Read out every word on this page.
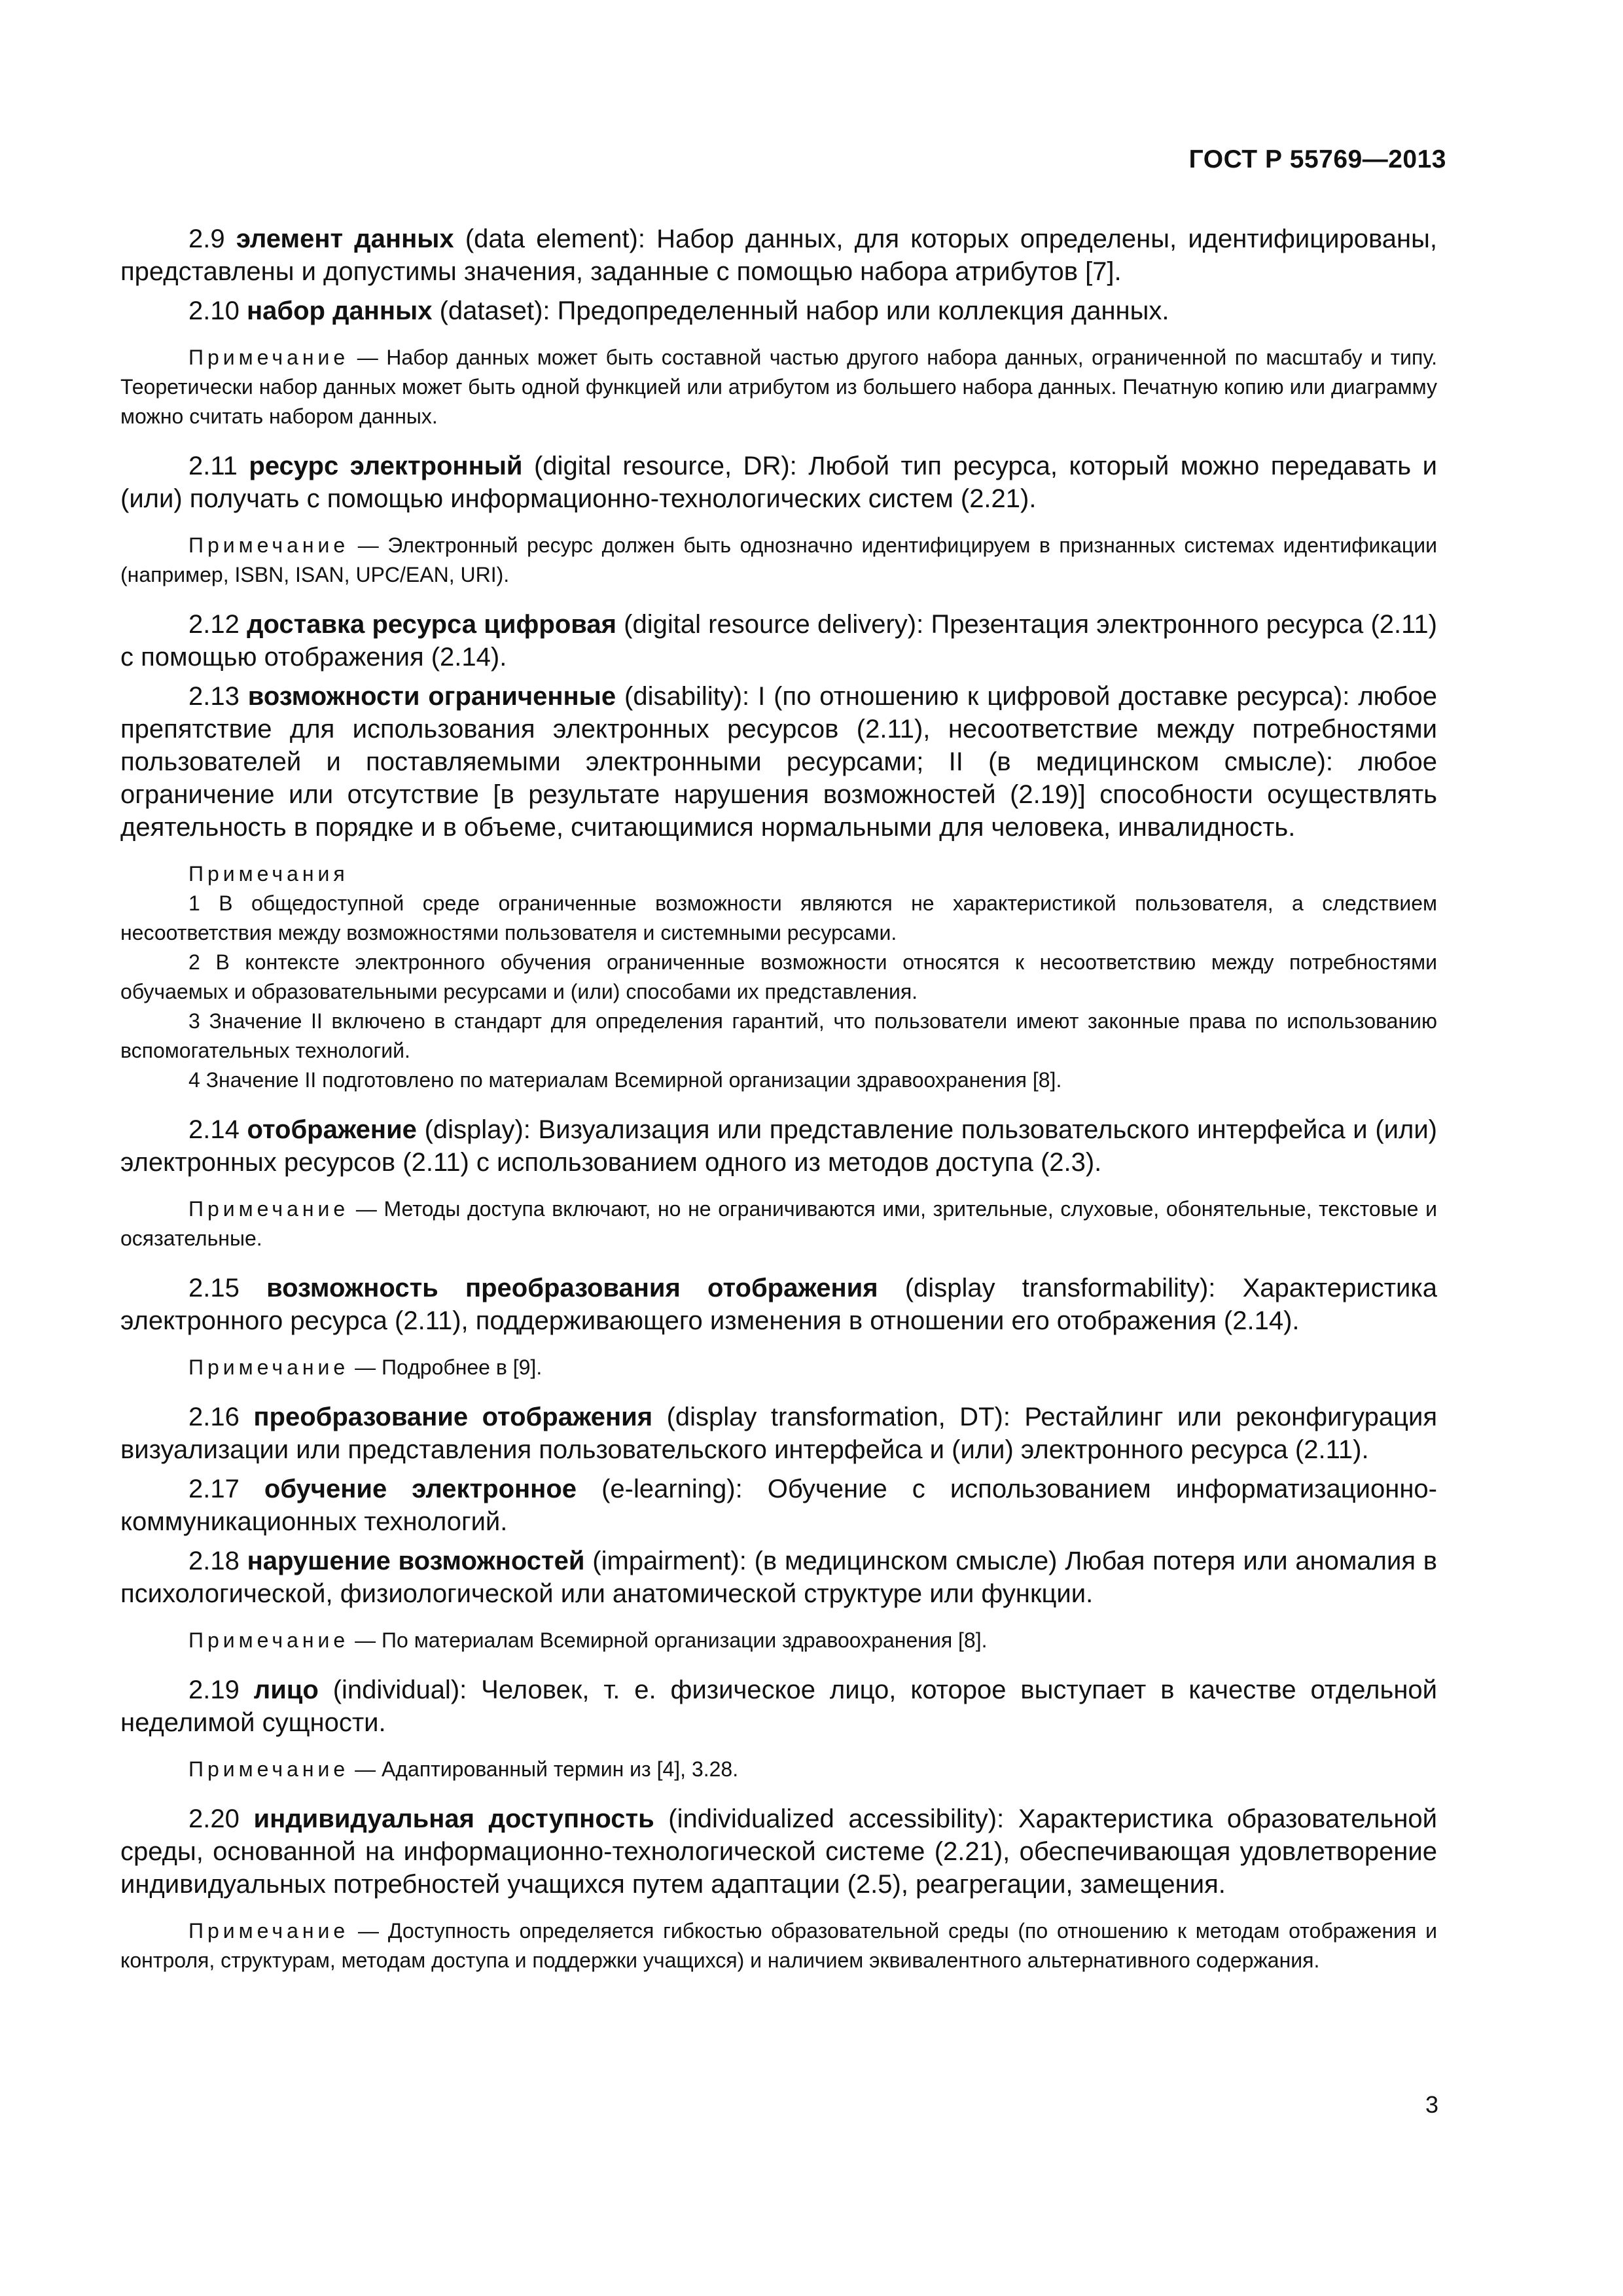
ГОСТ Р 55769—2013

2.9 элемент данных (data element): Набор данных, для которых определены, идентифицированы, представлены и допустимы значения, заданные с помощью набора атрибутов [7].

2.10 набор данных (dataset): Предопределенный набор или коллекция данных.

Примечание — Набор данных может быть составной частью другого набора данных, ограниченной по масштабу и типу. Теоретически набор данных может быть одной функцией или атрибутом из большего набора данных. Печатную копию или диаграмму можно считать набором данных.

2.11 ресурс электронный (digital resource, DR): Любой тип ресурса, который можно передавать и (или) получать с помощью информационно-технологических систем (2.21).

Примечание — Электронный ресурс должен быть однозначно идентифицируем в признанных системах идентификации (например, ISBN, ISAN, UPC/EAN, URI).

2.12 доставка ресурса цифровая (digital resource delivery): Презентация электронного ресурса (2.11) с помощью отображения (2.14).

2.13 возможности ограниченные (disability): I (по отношению к цифровой доставке ресурса): любое препятствие для использования электронных ресурсов (2.11), несоответствие между потребностями пользователей и поставляемыми электронными ресурсами; II (в медицинском смысле): любое ограничение или отсутствие [в результате нарушения возможностей (2.19)] способности осуществлять деятельность в порядке и в объеме, считающимися нормальными для человека, инвалидность.

Примечания

1 В общедоступной среде ограниченные возможности являются не характеристикой пользователя, а следствием несоответствия между возможностями пользователя и системными ресурсами.

2 В контексте электронного обучения ограниченные возможности относятся к несоответствию между потребностями обучаемых и образовательными ресурсами и (или) способами их представления.

3 Значение II включено в стандарт для определения гарантий, что пользователи имеют законные права по использованию вспомогательных технологий.

4 Значение II подготовлено по материалам Всемирной организации здравоохранения [8].

2.14 отображение (display): Визуализация или представление пользовательского интерфейса и (или) электронных ресурсов (2.11) с использованием одного из методов доступа (2.3).

Примечание — Методы доступа включают, но не ограничиваются ими, зрительные, слуховые, обонятельные, текстовые и осязательные.

2.15 возможность преобразования отображения (display transformability): Характеристика электронного ресурса (2.11), поддерживающего изменения в отношении его отображения (2.14).

Примечание — Подробнее в [9].

2.16 преобразование отображения (display transformation, DT): Рестайлинг или реконфигурация визуализации или представления пользовательского интерфейса и (или) электронного ресурса (2.11).

2.17 обучение электронное (e-learning): Обучение с использованием информатизационно-коммуникационных технологий.

2.18 нарушение возможностей (impairment): (в медицинском смысле) Любая потеря или аномалия в психологической, физиологической или анатомической структуре или функции.

Примечание — По материалам Всемирной организации здравоохранения [8].

2.19 лицо (individual): Человек, т. е. физическое лицо, которое выступает в качестве отдельной неделимой сущности.

Примечание — Адаптированный термин из [4], 3.28.

2.20 индивидуальная доступность (individualized accessibility): Характеристика образовательной среды, основанной на информационно-технологической системе (2.21), обеспечивающая удовлетворение индивидуальных потребностей учащихся путем адаптации (2.5), реагрегации, замещения.

Примечание — Доступность определяется гибкостью образовательной среды (по отношению к методам отображения и контроля, структурам, методам доступа и поддержки учащихся) и наличием эквивалентного альтернативного содержания.

3
